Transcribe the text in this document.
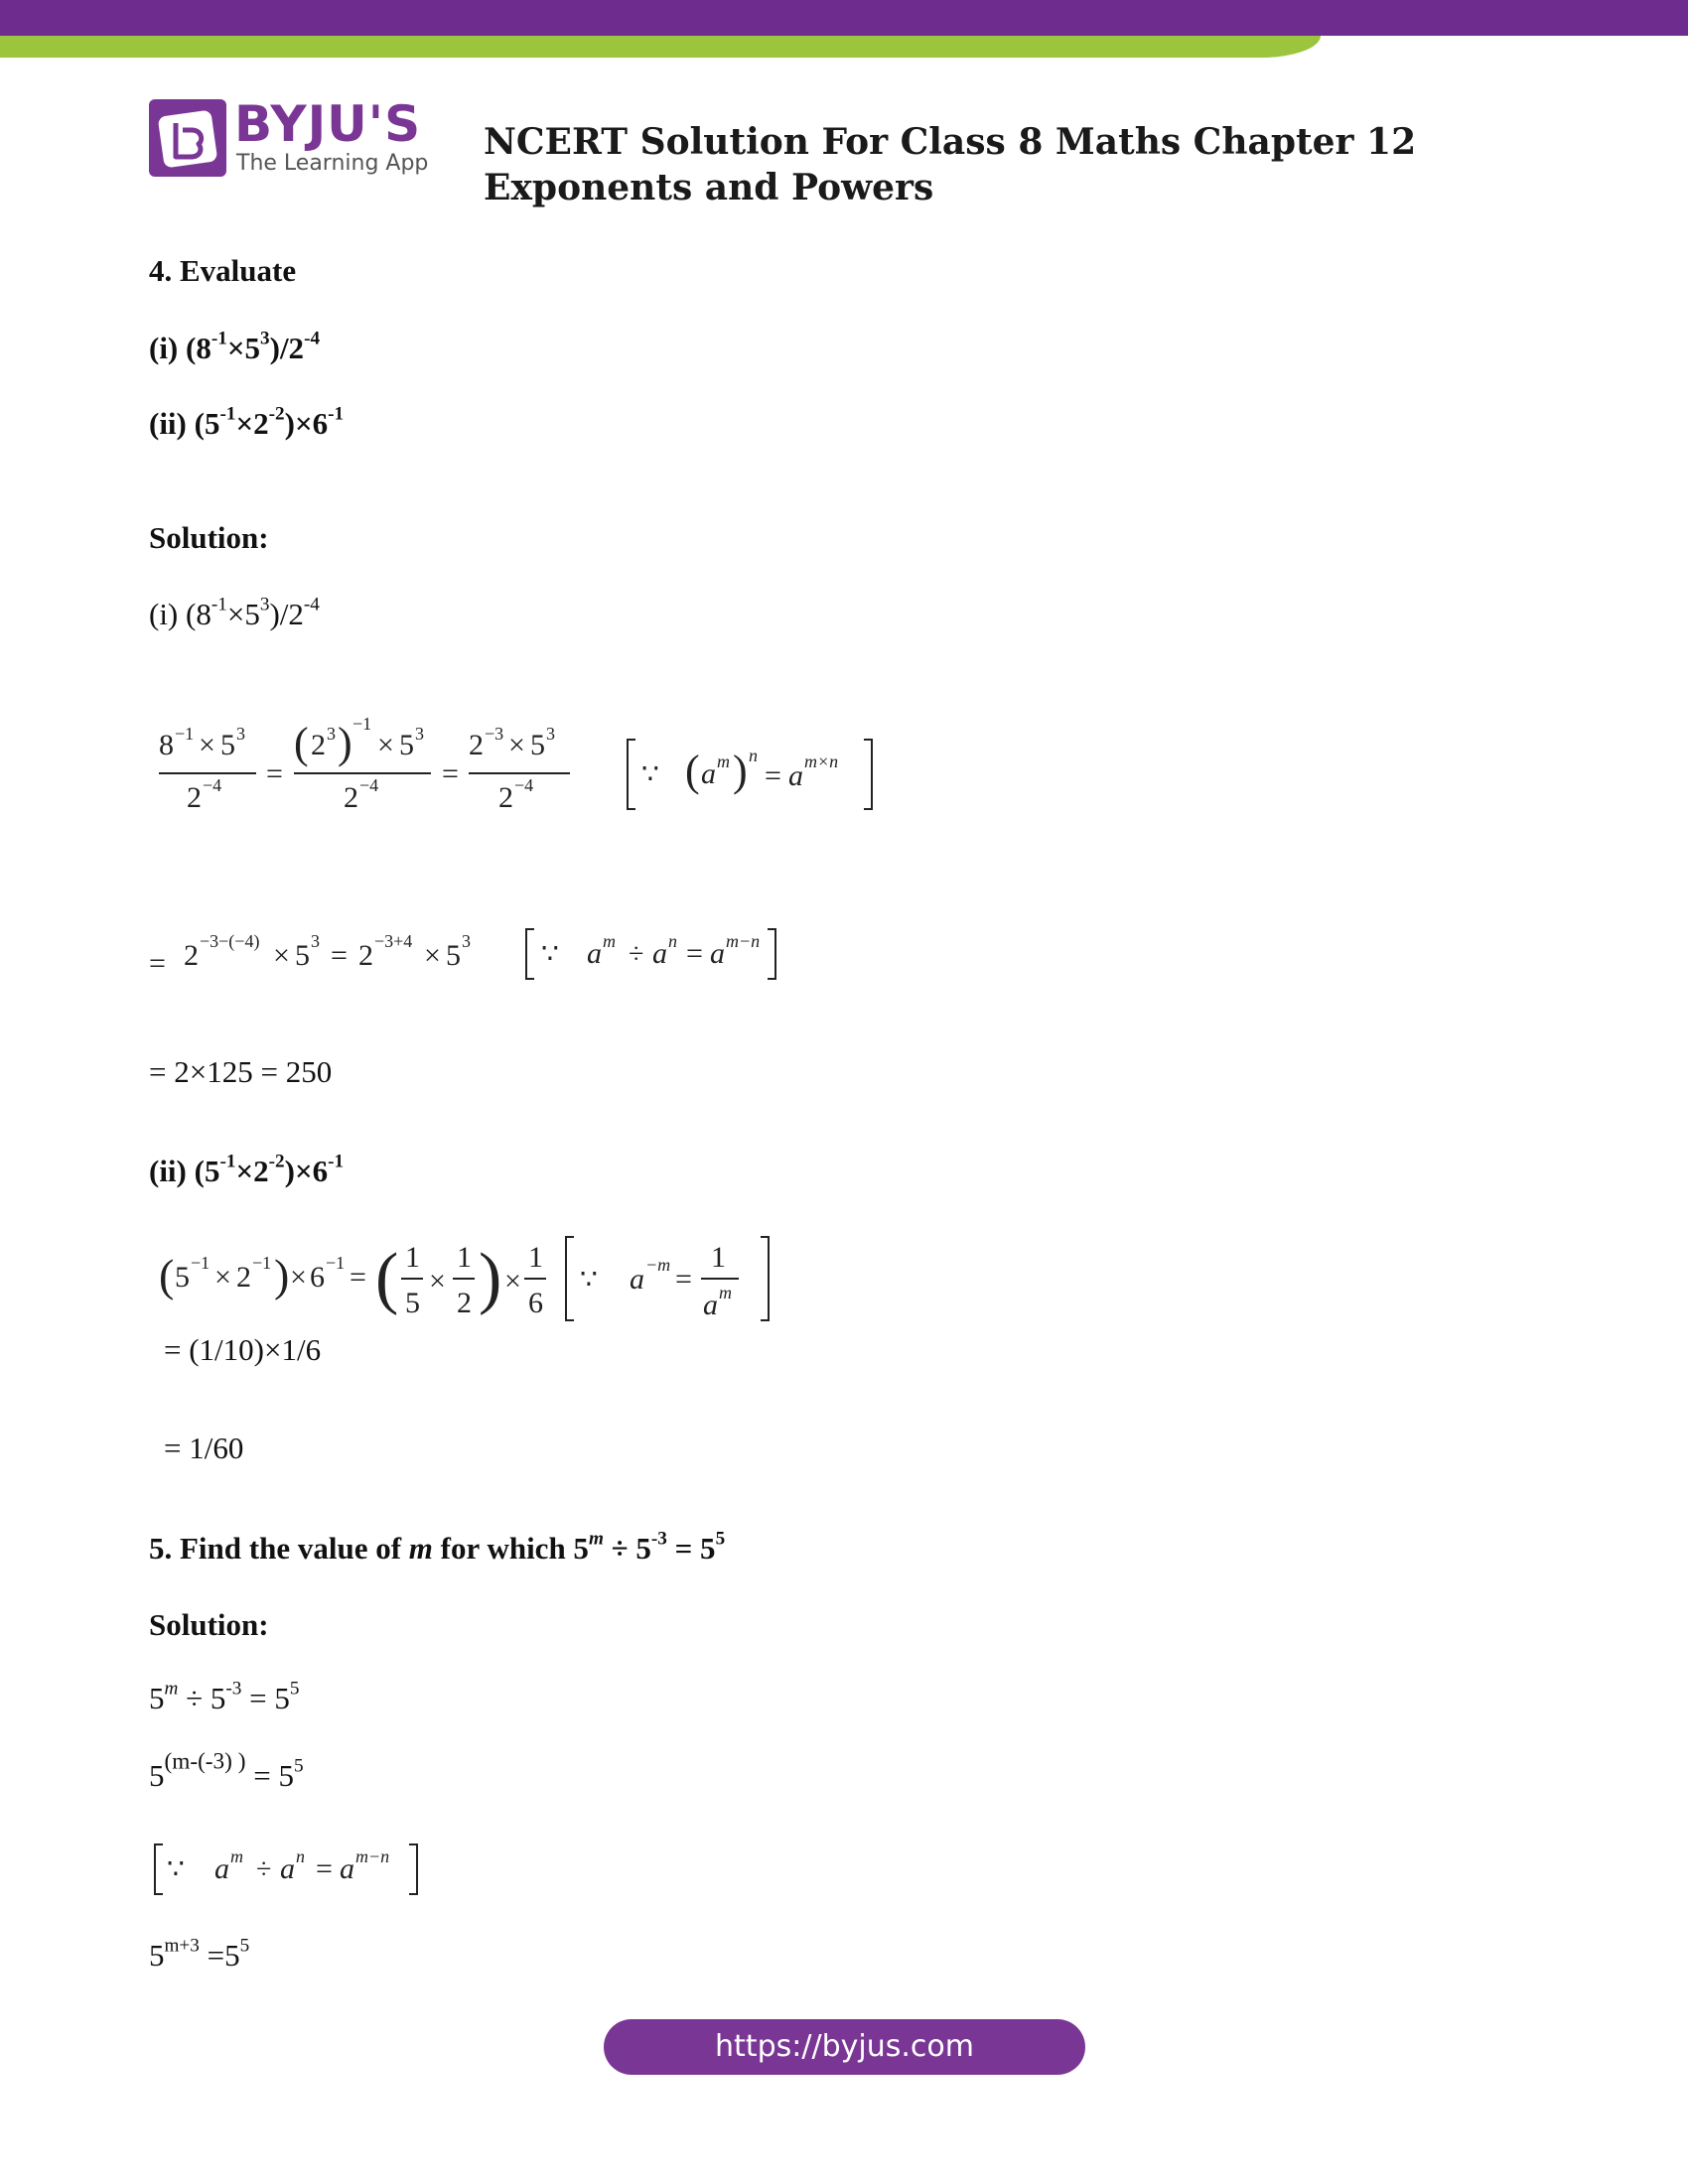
BYJU'S
The Learning App
NCERT Solution For Class 8 Maths Chapter 12 Exponents and Powers
4. Evaluate
(i) $(8^{-1}\times 5^3)/2^{-4}$
(ii) $(5^{-1}\times 2^{-2})\times 6^{-1}$
Solution:
(i) $(8^{-1}\times 5^3)/2^{-4}$
8 −1 × 5 3
2 −4 =
( 2 3 ) −1
× 5 3
2 −4 =
2 −3 × 5 3
2 −4	∵ ( a m ) n
= a m×n
= 2 −3−(−4) × 5 3 = 2 −3+4 × 5 3	∵ a m ÷ a n = a m−n
= 2×125 = 250
(ii) $(5^{-1}\times 2^{-2})\times 6^{-1}$
( 5 −1 × 2 −1 ) × 6 −1 = ( 1
5
×
1
2 ) ×
1
6
∵ a −m =
1
a m
= (1/10)×1/6
= 1/60
5. Find the value of m for which $5^m \div 5^{-3} = 5^5$
Solution:
$5^m \div 5^{-3} = 5^5$
$5^{(m-(-3) )} = 5^5$
∵ a m ÷ a n = a m−n
$5^{m+3} =5^5$
https://byjus.com
